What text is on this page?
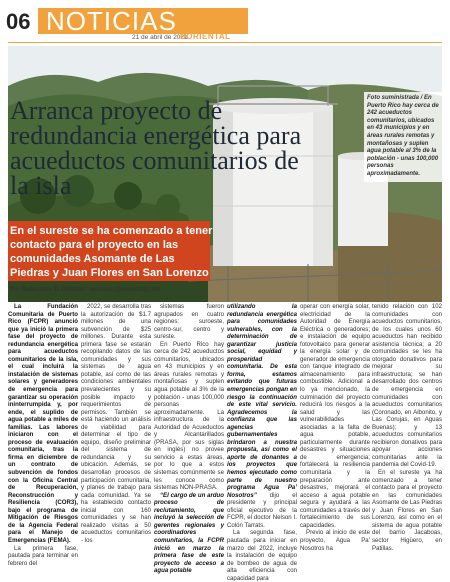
06 NOTICIAS
21 de abril de 2021
BORIENTAL
Arranca proyecto de redundancia energética para acueductos comunitarios de la isla
Foto suministrada / En Puerto Rico hay cerca de 242 acueductos comunitarios, ubicados en 43 municipios y en áreas rurales remotas y montañosas y suplen agua potable al 3% de la población - unas 100,000 personas aproximadamente.
En el sureste se ha comenzado a tener contacto para el proyecto en las comunidades Asomante de Las Piedras y Juan Flores en San Lorenzo
Por Redacción El Oriental / redaccion@elorientalpr.net

La Fundación Comunitaria de Puerto Rico (FCPR) anunció que ya inició la primera fase del proyecto de redundancia energética para acueductos comunitarios de la isla, el cual incluirá la instalación de sistemas solares y generadores de emergencia para garantizar su operación ininterrumpida y, por ende, el suplido de agua potable a miles de familias. Las labores iniciaron con el proceso de evaluación comunitaria, tras la firma en diciembre de un contrato de subvención de fondos con la Oficina Central de Recuperación, Reconstrucción y Resiliencia (COR3), bajo el programa de Mitigación de Riesgos de la Agencia Federal para el Manejo de Emergencias (FEMA).

La primera fase, pautada para terminar en febrero del

2022, se desarrolla tras la autorización de $1.7 millones de una subvención de $25 millones. Durante esta primera fase se estarán recopilando datos de las comunidades y sus sistemas de agua potable, así como de las condiciones ambientales prevalecientes y su posible impacto y requerimientos de permisos. También se está haciendo un análisis de viabilidad para determinar el tipo de equipo, diseño preliminar del sistema de redundancia y su ubicación. Además, se desarrollan procesos de participación comunitaria, y planes de trabajo para cada comunidad. Ya se ha establecido contacto inicial con 160 comunidades y se han realizado visitas a 50 acueductos comunitarios - los

sistemas fueron agrupados en cuatro regiones: suroeste, centro-sur, centro y sureste.

En Puerto Rico hay cerca de 242 acueductos comunitarios, ubicados en 43 municipios y en áreas rurales remotas y montañosas y suplen agua potable al 3% de la población - unas 100,000 personas aproximadamente. La infraestructura de la Autoridad de Acueductos y Alcantarillados (PRASA, por sus siglas en inglés) no provee servicio a estas áreas, por lo que a estos sistemas comúnmente se les conoce como sistemas NON-PRASA.

“El cargo de un arduo proceso de reclutamiento, que incluyó la selección de gerentes regionales y coordinadores comunitarios, la FCPR inició en marzo la primera fase de este proyecto de acceso a agua potable

utilizando la redundancia energética para comunidades vulnerables, con la determinación de garantizar justicia social, equidad y prosperidad comunitaria. De esta forma, estamos evitando que futuras emergencias pongan en riesgo la continuación de este vital servicio. Agradecemos la confianza que las agencias gubernamentales brindaron a nuestra propuesta, así como el aporte de donantes a los proyectos que hemos ejecutado como parte de nuestro programa Agua Pa’ Nosotros” dijo el presidente y principal oficial ejecutivo de la FCPR, el doctor Nelson I. Colón Tarrats.

La segunda fase, pautada para iniciar en marzo del 2022, incluye la instalación de equipo de bombeo de agua de alta eficiencia con capacidad para

operar con energía solar, electricidad de la Autoridad de Energía Eléctrica o generadores; e instalación de equipo fotovoltaico para generar la energía solar y de generador de emergencia con tanque integrado de almacenamiento para combustible. Adicional a lo ya mencionado, la culminación del proyecto reducirá los riesgos a la salud y las vulnerabilidades asociadas a la falta de agua potable, particularmente durante desastres y situaciones de emergencia; fortalecerá la resiliencia comunitaria y la preparación ante desastres, mejorará el acceso a agua potable segura y ayudará a las comunidades a través del fortalecimiento de sus capacidades.

Previo al inicio de este proyecto, Agua Pa’ Nosotros ha

tenido relación con 102 comunidades con acueductos comunitarios, de los cuales unos 60 acueductos han recibido asistencia técnica; a 20 comunidades se les ha otorgado donativos para mejorar su infraestructura; se han desarrollado dos centros de emergencia en comunidades con acueductos comunitarios (Coronado, en Aibonito, y Las Corujas, en Aguas Buenas); y 13 acueductos comunitarios recibieron donativos para apoyar acciones comunitarias ante la pandemia del Covid-19.

En el sureste ya ha comenzado a tener contacto para el proyecto en las comunidades Asomante de Las Piedras y Juan Flores en San Lorenzo, así como en el sistema de agua potable del barrio Jacaboas, sector Higüero, en Patillas.
